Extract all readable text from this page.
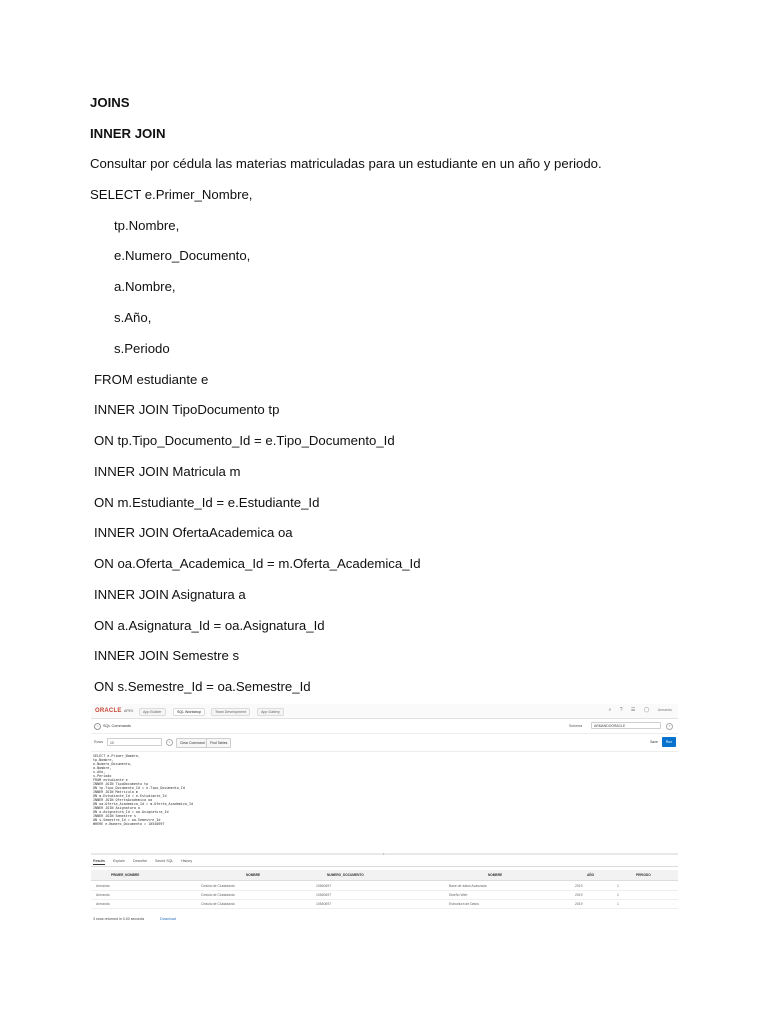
JOINS
INNER JOIN
Consultar por cédula las materias matriculadas para un estudiante en un año y periodo.
SELECT e.Primer_Nombre,
tp.Nombre,
e.Numero_Documento,
a.Nombre,
s.Año,
s.Periodo
FROM estudiante e
INNER JOIN TipoDocumento tp
ON tp.Tipo_Documento_Id = e.Tipo_Documento_Id
INNER JOIN Matricula m
ON m.Estudiante_Id = e.Estudiante_Id
INNER JOIN OfertaAcademica oa
ON oa.Oferta_Academica_Id = m.Oferta_Academica_Id
INNER JOIN Asignatura a
ON a.Asignatura_Id = oa.Asignatura_Id
INNER JOIN Semestre s
ON s.Semestre_Id = oa.Semestre_Id
ORACLE APEX	App Builder	SQL Workshop	Team Development	App Gallery	⌕ ? ☰ ◯ Armando
⌂	SQL Commands	Schema	ARMANDOORACLE	?
Rows	10	×	Clear Command	Find Tables	Save	Run
SELECT e.Primer_Nombre,
tp.Nombre,
e.Numero_Documento,
a.Nombre,
s.Año,
s.Periodo
FROM estudiante e
INNER JOIN TipoDocumento tp
ON tp.Tipo_Documento_Id = e.Tipo_Documento_Id
INNER JOIN Matricula m
ON m.Estudiante_Id = e.Estudiante_Id
INNER JOIN OfertaAcademica oa
ON oa.Oferta_Academica_Id = m.Oferta_Academica_Id
INNER JOIN Asignatura a
ON a.Asignatura_Id = oa.Asignatura_Id
INNER JOIN Semestre s
ON s.Semestre_Id = oa.Semestre_Id
WHERE e.Numero_Documento = 10540697
•
Results Explain Describe Saved SQL History
PRIMER_NOMBRE	NOMBRE	NUMERO_DOCUMENTO	NOMBRE	AÑO	PERIODO
Armando	Cedula de Ciudadania	10540697	Base de datos Avanzada	2019	1
Armando	Cedula de Ciudadania	10540697	Diseño Web	2019	1
Armando	Cedula de Ciudadania	10540697	Estructura de Datos	2019	1
3 rows returned in 0.00 seconds	Download
